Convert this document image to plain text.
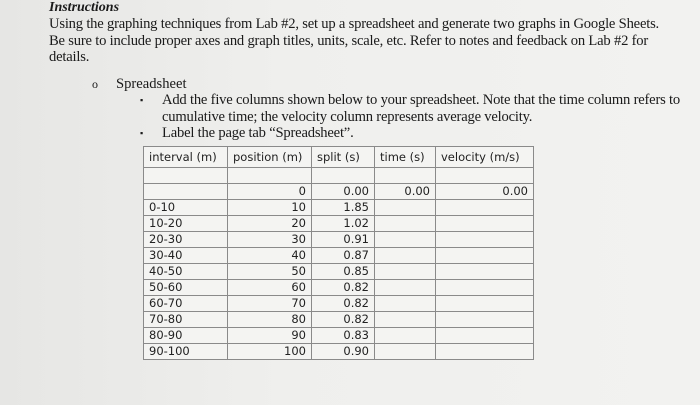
Instructions
Using the graphing techniques from Lab #2, set up a spreadsheet and generate two graphs in Google Sheets. Be sure to include proper axes and graph titles, units, scale, etc. Refer to notes and feedback on Lab #2 for details.
o Spreadsheet
▪ Add the five columns shown below to your spreadsheet. Note that the time column refers to cumulative time; the velocity column represents average velocity.
▪ Label the page tab “Spreadsheet”.
interval (m)	position (m)	split (s)	time (s)	velocity (m/s)

	0	0.00	0.00	0.00
0-10	10	1.85		
10-20	20	1.02		
20-30	30	0.91		
30-40	40	0.87		
40-50	50	0.85		
50-60	60	0.82		
60-70	70	0.82		
70-80	80	0.82		
80-90	90	0.83		
90-100	100	0.90		
